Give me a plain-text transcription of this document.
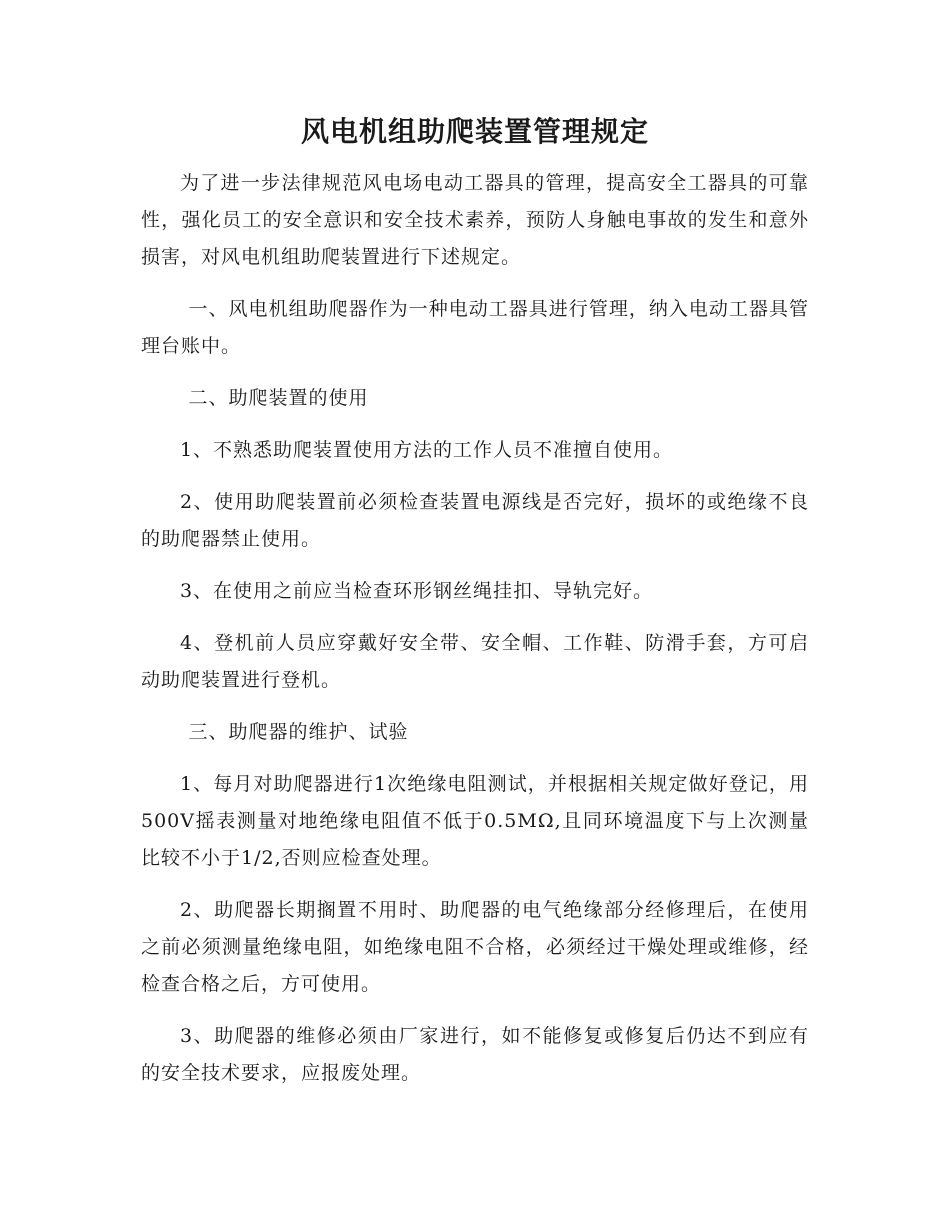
风电机组助爬装置管理规定

为了进一步法律规范风电场电动工器具的管理，提高安全工器具的可靠性，强化员工的安全意识和安全技术素养，预防人身触电事故的发生和意外损害，对风电机组助爬装置进行下述规定。

一、风电机组助爬器作为一种电动工器具进行管理，纳入电动工器具管理台账中。

二、助爬装置的使用

1、不熟悉助爬装置使用方法的工作人员不准擅自使用。

2、使用助爬装置前必须检查装置电源线是否完好，损坏的或绝缘不良的助爬器禁止使用。

3、在使用之前应当检查环形钢丝绳挂扣、导轨完好。

4、登机前人员应穿戴好安全带、安全帽、工作鞋、防滑手套，方可启动助爬装置进行登机。

三、助爬器的维护、试验

1、每月对助爬器进行1次绝缘电阻测试，并根据相关规定做好登记，用500V摇表测量对地绝缘电阻值不低于0.5MΩ,且同环境温度下与上次测量比较不小于1/2,否则应检查处理。

2、助爬器长期搁置不用时、助爬器的电气绝缘部分经修理后，在使用之前必须测量绝缘电阻，如绝缘电阻不合格，必须经过干燥处理或维修，经检查合格之后，方可使用。

3、助爬器的维修必须由厂家进行，如不能修复或修复后仍达不到应有的安全技术要求，应报废处理。
